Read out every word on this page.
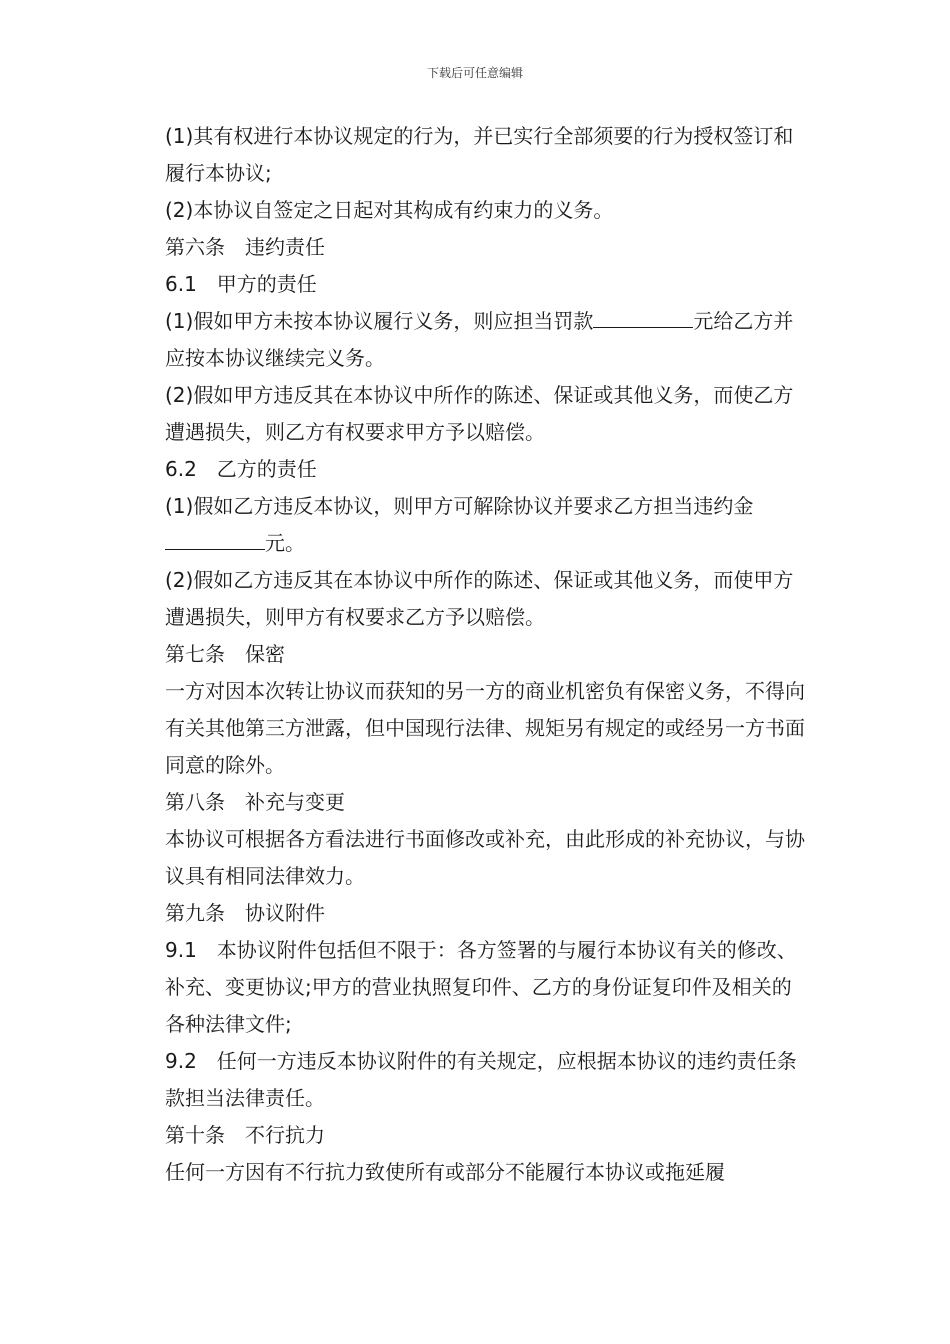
下载后可任意编辑

(1)其有权进行本协议规定的行为，并已实行全部须要的行为授权签订和履行本协议;

(2)本协议自签定之日起对其构成有约束力的义务。

第六条　违约责任

6.1　甲方的责任

(1)假如甲方未按本协议履行义务，则应担当罚款	元给乙方并应按本协议继续完义务。

(2)假如甲方违反其在本协议中所作的陈述、保证或其他义务，而使乙方遭遇损失，则乙方有权要求甲方予以赔偿。

6.2　乙方的责任

(1)假如乙方违反本协议，则甲方可解除协议并要求乙方担当违约金元。

(2)假如乙方违反其在本协议中所作的陈述、保证或其他义务，而使甲方遭遇损失，则甲方有权要求乙方予以赔偿。

第七条　保密

一方对因本次转让协议而获知的另一方的商业机密负有保密义务，不得向有关其他第三方泄露，但中国现行法律、规矩另有规定的或经另一方书面同意的除外。

第八条　补充与变更

本协议可根据各方看法进行书面修改或补充，由此形成的补充协议，与协议具有相同法律效力。

第九条　协议附件

9.1　本协议附件包括但不限于：各方签署的与履行本协议有关的修改、补充、变更协议;甲方的营业执照复印件、乙方的身份证复印件及相关的各种法律文件;

9.2　任何一方违反本协议附件的有关规定，应根据本协议的违约责任条款担当法律责任。

第十条　不行抗力

任何一方因有不行抗力致使所有或部分不能履行本协议或拖延履
